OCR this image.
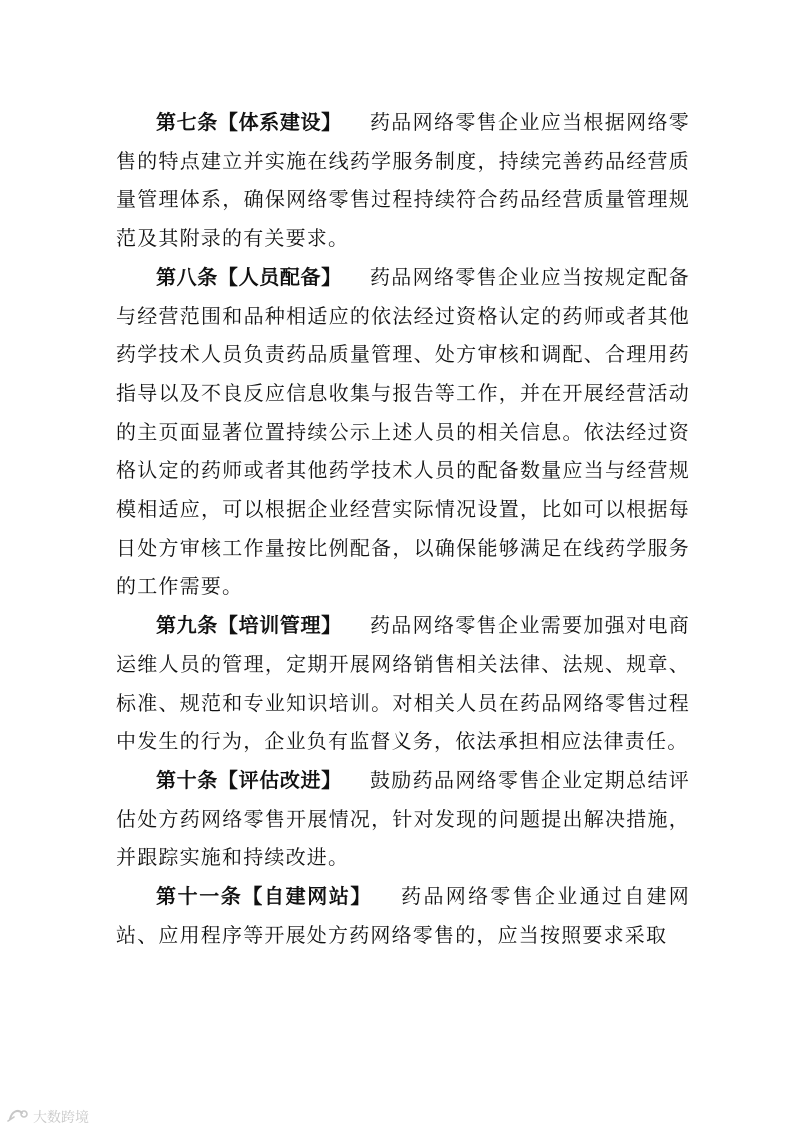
第七条【体系建设】 药品网络零售企业应当根据网络零售的特点建立并实施在线药学服务制度，持续完善药品经营质量管理体系，确保网络零售过程持续符合药品经营质量管理规范及其附录的有关要求。

第八条【人员配备】 药品网络零售企业应当按规定配备与经营范围和品种相适应的依法经过资格认定的药师或者其他药学技术人员负责药品质量管理、处方审核和调配、合理用药指导以及不良反应信息收集与报告等工作，并在开展经营活动的主页面显著位置持续公示上述人员的相关信息。依法经过资格认定的药师或者其他药学技术人员的配备数量应当与经营规模相适应，可以根据企业经营实际情况设置，比如可以根据每日处方审核工作量按比例配备，以确保能够满足在线药学服务的工作需要。

第九条【培训管理】 药品网络零售企业需要加强对电商运维人员的管理，定期开展网络销售相关法律、法规、规章、标准、规范和专业知识培训。对相关人员在药品网络零售过程中发生的行为，企业负有监督义务，依法承担相应法律责任。

第十条【评估改进】 鼓励药品网络零售企业定期总结评估处方药网络零售开展情况，针对发现的问题提出解决措施，并跟踪实施和持续改进。

第十一条【自建网站】 药品网络零售企业通过自建网站、应用程序等开展处方药网络零售的，应当按照要求采取

大数跨境
